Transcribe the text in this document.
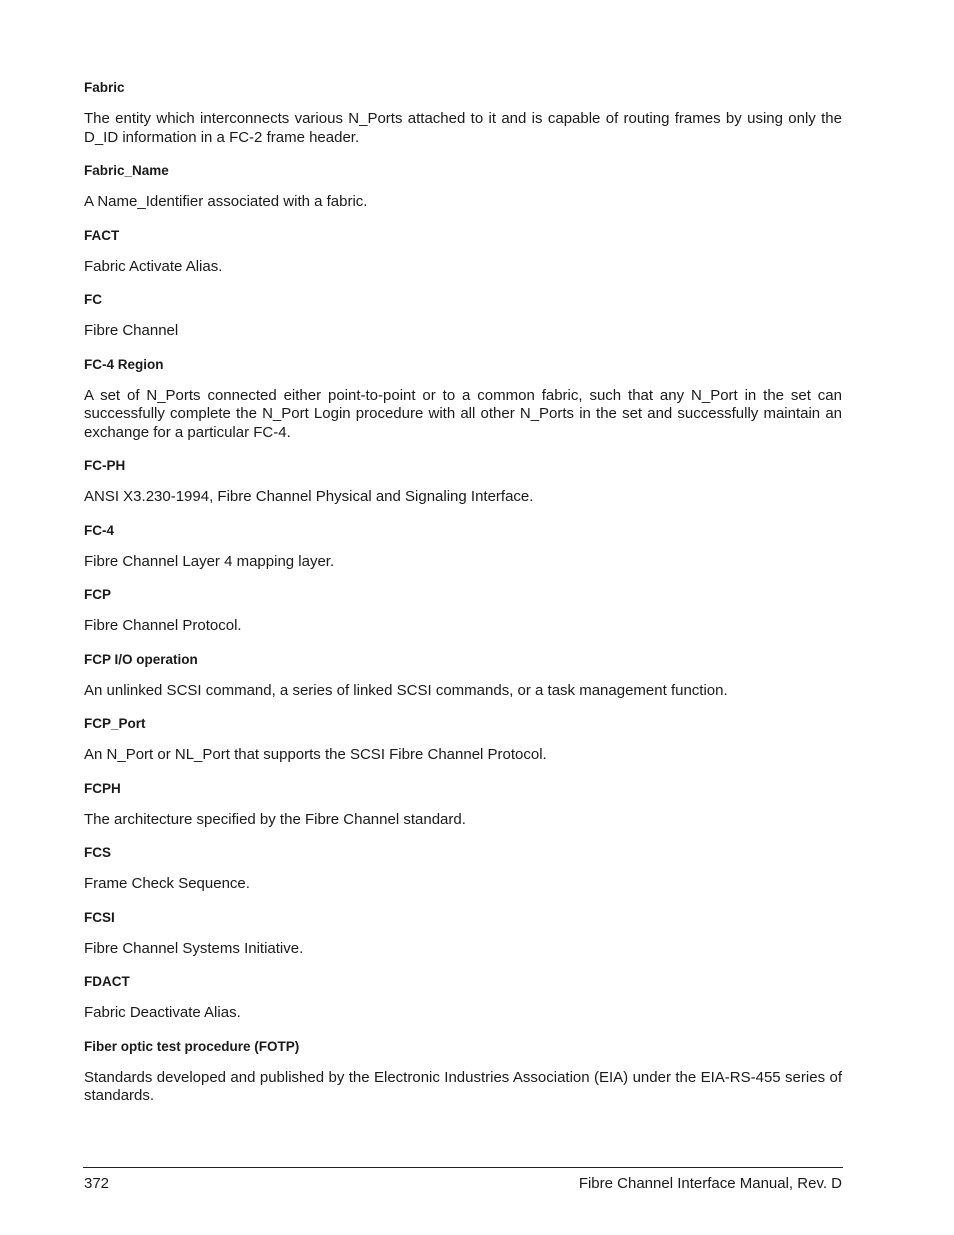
Fabric

The entity which interconnects various N_Ports attached to it and is capable of routing frames by using only the D_ID information in a FC-2 frame header.

Fabric_Name

A Name_Identifier associated with a fabric.

FACT

Fabric Activate Alias.

FC

Fibre Channel

FC-4 Region

A set of N_Ports connected either point-to-point or to a common fabric, such that any N_Port in the set can successfully complete the N_Port Login procedure with all other N_Ports in the set and successfully maintain an exchange for a particular FC-4.

FC-PH

ANSI X3.230-1994, Fibre Channel Physical and Signaling Interface.

FC-4

Fibre Channel Layer 4 mapping layer.

FCP

Fibre Channel Protocol.

FCP I/O operation

An unlinked SCSI command, a series of linked SCSI commands, or a task management function.

FCP_Port

An N_Port or NL_Port that supports the SCSI Fibre Channel Protocol.

FCPH

The architecture specified by the Fibre Channel standard.

FCS

Frame Check Sequence.

FCSI

Fibre Channel Systems Initiative.

FDACT

Fabric Deactivate Alias.

Fiber optic test procedure (FOTP)

Standards developed and published by the Electronic Industries Association (EIA) under the EIA-RS-455 series of standards.

372	Fibre Channel Interface Manual, Rev. D
